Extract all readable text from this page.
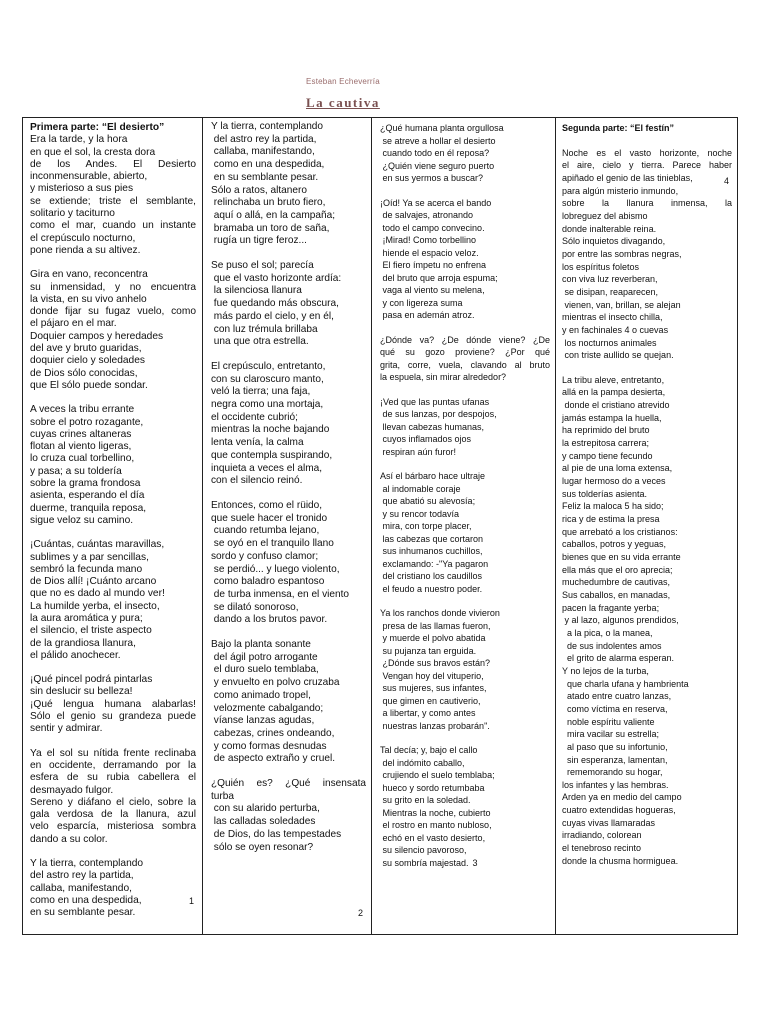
Esteban Echeverría
La cautiva
Primera parte: “El desierto”
Era la tarde, y la hora
en que el sol, la cresta dora
de los Andes. El Desierto
inconmensurable, abierto,
y misterioso a sus pies
se extiende; triste el semblante,
solitario y taciturno
como el mar, cuando un instante
el crepúsculo nocturno,
pone rienda a su altivez.
Gira en vano, reconcentra
su inmensidad, y no encuentra
la vista, en su vivo anhelo
donde fijar su fugaz vuelo, como
el pájaro en el mar.
Doquier campos y heredades
del ave y bruto guaridas,
doquier cielo y soledades
de Dios sólo conocidas,
que El sólo puede sondar.
A veces la tribu errante
sobre el potro rozagante,
cuyas crines altaneras
flotan al viento ligeras,
lo cruza cual torbellino,
y pasa; a su toldería
sobre la grama frondosa
asienta, esperando el día
duerme, tranquila reposa,
sigue veloz su camino.
¡Cuántas, cuántas maravillas,
sublimes y a par sencillas,
sembró la fecunda mano
de Dios allí! ¡Cuánto arcano
que no es dado al mundo ver!
La humilde yerba, el insecto,
la aura aromática y pura;
el silencio, el triste aspecto
de la grandiosa llanura,
el pálido anochecer.
¡Qué pincel podrá pintarlas
sin deslucir su belleza!
¡Qué lengua humana alabarlas!
Sólo el genio su grandeza puede
sentir y admirar.
Ya el sol su nítida frente reclinaba
en occidente, derramando por la
esfera de su rubia cabellera el
desmayado fulgor.
Sereno y diáfano el cielo, sobre la
gala verdosa de la llanura, azul
velo esparcía, misteriosa sombra
dando a su color.
Y la tierra, contemplando
del astro rey la partida,
callaba, manifestando,
como en una despedida,
en su semblante pesar.
1
Y la tierra, contemplando
del astro rey la partida,
callaba, manifestando,
como en una despedida,
en su semblante pesar.
Sólo a ratos, altanero
relinchaba un bruto fiero,
aquí o allá, en la campaña;
bramaba un toro de saña,
rugía un tigre feroz...
Se puso el sol; parecía
que el vasto horizonte ardía:
la silenciosa llanura
fue quedando más obscura,
más pardo el cielo, y en él,
con luz trémula brillaba
una que otra estrella.
El crepúsculo, entretanto,
con su claroscuro manto,
veló la tierra; una faja,
negra como una mortaja,
el occidente cubrió;
mientras la noche bajando
lenta venía, la calma
que contempla suspirando,
inquieta a veces el alma,
con el silencio reinó.
Entonces, como el rüido,
que suele hacer el tronido
cuando retumba lejano,
se oyó en el tranquilo llano
sordo y confuso clamor;
se perdió... y luego violento,
como baladro espantoso
de turba inmensa, en el viento
se dilató sonoroso,
dando a los brutos pavor.
Bajo la planta sonante
del ágil potro arrogante
el duro suelo temblaba,
y envuelto en polvo cruzaba
como animado tropel,
velozmente cabalgando;
víanse lanzas agudas,
cabezas, crines ondeando,
y como formas desnudas
de aspecto extraño y cruel.
¿Quién es? ¿Qué insensata
turba
con su alarido perturba,
las calladas soledades
de Dios, do las tempestades
sólo se oyen resonar?
2
¿Qué humana planta orgullosa
se atreve a hollar el desierto
cuando todo en él reposa?
¿Quién viene seguro puerto
en sus yermos a buscar?
¡Oíd! Ya se acerca el bando
de salvajes, atronando
todo el campo convecino.
¡Mirad! Como torbellino
hiende el espacio veloz.
El fiero ímpetu no enfrena
del bruto que arroja espuma;
vaga al viento su melena,
y con ligereza suma
pasa en ademán atroz.
¿Dónde va? ¿De dónde viene? ¿De
qué su gozo proviene? ¿Por qué
grita, corre, vuela, clavando al bruto
la espuela, sin mirar alrededor?
¡Ved que las puntas ufanas
de sus lanzas, por despojos,
llevan cabezas humanas,
cuyos inflamados ojos
respiran aún furor!
Así el bárbaro hace ultraje
al indomable coraje
que abatió su alevosía;
y su rencor todavía
mira, con torpe placer,
las cabezas que cortaron
sus inhumanos cuchillos,
exclamando: -"Ya pagaron
del cristiano los caudillos
el feudo a nuestro poder.
Ya los ranchos donde vivieron
presa de las llamas fueron,
y muerde el polvo abatida
su pujanza tan erguida.
¿Dónde sus bravos están?
Vengan hoy del vituperio,
sus mujeres, sus infantes,
que gimen en cautiverio,
a libertar, y como antes
nuestras lanzas probarán".
Tal decía; y, bajo el callo
del indómito caballo,
crujiendo el suelo temblaba;
hueco y sordo retumbaba
su grito en la soledad.
Mientras la noche, cubierto
el rostro en manto nubloso,
echó en el vasto desierto,
su silencio pavoroso,
su sombría majestad. 3
Segunda parte: “El festín”
Noche es el vasto horizonte, noche
el aire, cielo y tierra. Parece haber
apiñado el genio de las tinieblas,
para algún misterio inmundo,
sobre la llanura inmensa, la
lobreguez del abismo
donde inalterable reina.
Sólo inquietos divagando,
por entre las sombras negras,
los espíritus foletos
con viva luz reverberan,
se disipan, reaparecen,
vienen, van, brillan, se alejan
mientras el insecto chilla,
y en fachinales 4 o cuevas
los nocturnos animales
con triste aullido se quejan.
La tribu aleve, entretanto,
allá en la pampa desierta,
donde el cristiano atrevido
jamás estampa la huella,
ha reprimido del bruto
la estrepitosa carrera;
y campo tiene fecundo
al pie de una loma extensa,
lugar hermoso do a veces
sus tolderías asienta.
Feliz la maloca 5 ha sido;
rica y de estima la presa
que arrebató a los cristianos:
caballos, potros y yeguas,
bienes que en su vida errante
ella más que el oro aprecia;
muchedumbre de cautivas,
Sus caballos, en manadas,
pacen la fragante yerba;
y al lazo, algunos prendidos,
a la pica, o la manea,
de sus indolentes amos
el grito de alarma esperan.
Y no lejos de la turba,
que charla ufana y hambrienta
atado entre cuatro lanzas,
como víctima en reserva,
noble espíritu valiente
mira vacilar su estrella;
al paso que su infortunio,
sin esperanza, lamentan,
rememorando su hogar,
los infantes y las hembras.
Arden ya en medio del campo
cuatro extendidas hogueras,
cuyas vivas llamaradas
irradiando, colorean
el tenebroso recinto
donde la chusma hormiguea.
4
